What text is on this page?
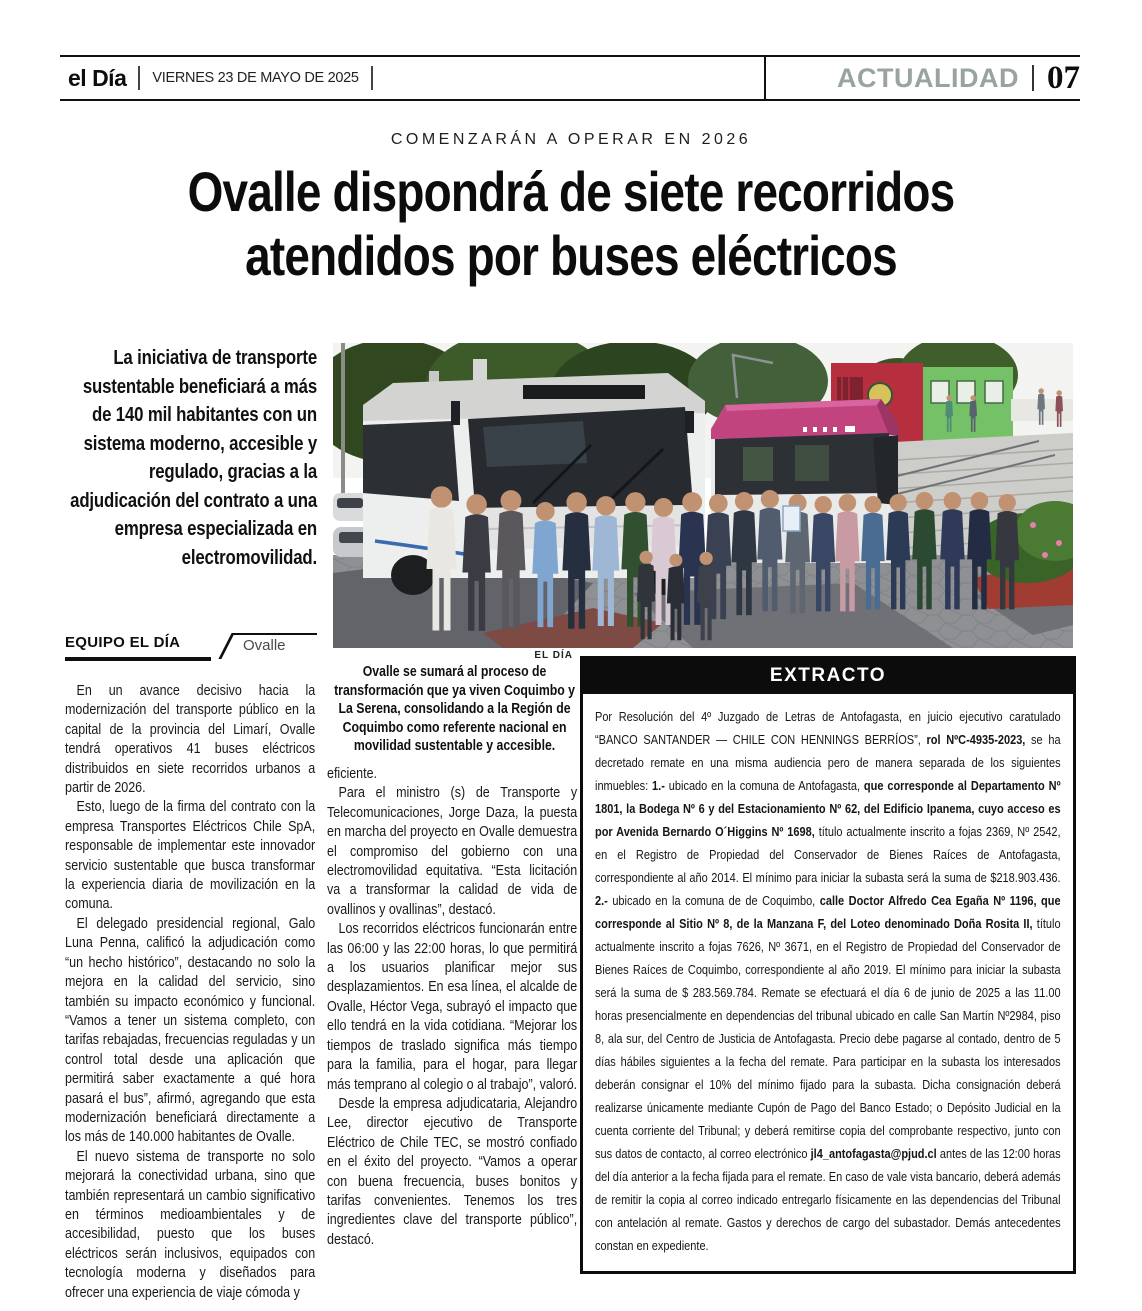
el Día VIERNES 23 DE MAYO DE 2025	ACTUALIDAD 07
COMENZARÁN A OPERAR EN 2026
Ovalle dispondrá de siete recorridos
atendidos por buses eléctricos
La iniciativa de transporte sustentable beneficiará a más de 140 mil habitantes con un sistema moderno, accesible y regulado, gracias a la adjudicación del contrato a una empresa especializada en electromovilidad.
EQUIPO EL DÍA	Ovalle
EL DÍA
Ovalle se sumará al proceso de transformación que ya viven Coquimbo y La Serena, consolidando a la Región de Coquimbo como referente nacional en movilidad sustentable y accesible.

En un avance decisivo hacia la modernización del transporte público en la capital de la provincia del Limarí, Ovalle tendrá operativos 41 buses eléctricos distribuidos en siete recorridos urbanos a partir de 2026.

Esto, luego de la firma del contrato con la empresa Transportes Eléctricos Chile SpA, responsable de implementar este innovador servicio sustentable que busca transformar la experiencia diaria de movilización en la comuna.

El delegado presidencial regional, Galo Luna Penna, calificó la adjudicación como “un hecho histórico”, destacando no solo la mejora en la calidad del servicio, sino también su impacto económico y funcional. “Vamos a tener un sistema completo, con tarifas rebajadas, frecuencias reguladas y un control total desde una aplicación que permitirá saber exactamente a qué hora pasará el bus”, afirmó, agregando que esta modernización beneficiará directamente a los más de 140.000 habitantes de Ovalle.

El nuevo sistema de transporte no solo mejorará la conectividad urbana, sino que también representará un cambio significativo en términos medioambientales y de accesibilidad, puesto que los buses eléctricos serán inclusivos, equipados con tecnología moderna y diseñados para ofrecer una experiencia de viaje cómoda y

eficiente.

Para el ministro (s) de Transporte y Telecomunicaciones, Jorge Daza, la puesta en marcha del proyecto en Ovalle demuestra el compromiso del gobierno con una electromovilidad equitativa. “Esta licitación va a transformar la calidad de vida de ovallinos y ovallinas”, destacó.

Los recorridos eléctricos funcionarán entre las 06:00 y las 22:00 horas, lo que permitirá a los usuarios planificar mejor sus desplazamientos. En esa línea, el alcalde de Ovalle, Héctor Vega, subrayó el impacto que ello tendrá en la vida cotidiana. “Mejorar los tiempos de traslado significa más tiempo para la familia, para el hogar, para llegar más temprano al colegio o al trabajo”, valoró.

Desde la empresa adjudicataria, Alejandro Lee, director ejecutivo de Transporte Eléctrico de Chile TEC, se mostró confiado en el éxito del proyecto. “Vamos a operar con buena frecuencia, buses bonitos y tarifas convenientes. Tenemos los tres ingredientes clave del transporte público”, destacó.

EXTRACTO
Por Resolución del 4º Juzgado de Letras de Antofagasta, en juicio ejecutivo caratulado “BANCO SANTANDER — CHILE CON HENNINGS BERRÍOS”, rol NºC-4935-2023, se ha decretado remate en una misma audiencia pero de manera separada de los siguientes inmuebles: 1.- ubicado en la comuna de Antofagasta, que corresponde al Departamento Nº 1801, la Bodega Nº 6 y del Estacionamiento Nº 62, del Edificio Ipanema, cuyo acceso es por Avenida Bernardo O´Higgins Nº 1698, título actualmente inscrito a fojas 2369, Nº 2542, en el Registro de Propiedad del Conservador de Bienes Raíces de Antofagasta, correspondiente al año 2014. El mínimo para iniciar la subasta será la suma de $218.903.436. 2.- ubicado en la comuna de de Coquimbo, calle Doctor Alfredo Cea Egaña Nº 1196, que corresponde al Sitio Nº 8, de la Manzana F, del Loteo denominado Doña Rosita II, título actualmente inscrito a fojas 7626, Nº 3671, en el Registro de Propiedad del Conservador de Bienes Raíces de Coquimbo, correspondiente al año 2019. El mínimo para iniciar la subasta será la suma de $ 283.569.784. Remate se efectuará el día 6 de junio de 2025 a las 11.00 horas presencialmente en dependencias del tribunal ubicado en calle San Martín Nº2984, piso 8, ala sur, del Centro de Justicia de Antofagasta. Precio debe pagarse al contado, dentro de 5 días hábiles siguientes a la fecha del remate. Para participar en la subasta los interesados deberán consignar el 10% del mínimo fijado para la subasta. Dicha consignación deberá realizarse únicamente mediante Cupón de Pago del Banco Estado; o Depósito Judicial en la cuenta corriente del Tribunal; y deberá remitirse copia del comprobante respectivo, junto con sus datos de contacto, al correo electrónico jl4_antofagasta@pjud.cl antes de las 12:00 horas del día anterior a la fecha fijada para el remate. En caso de vale vista bancario, deberá además de remitir la copia al correo indicado entregarlo físicamente en las dependencias del Tribunal con antelación al remate. Gastos y derechos de cargo del subastador. Demás antecedentes constan en expediente.
